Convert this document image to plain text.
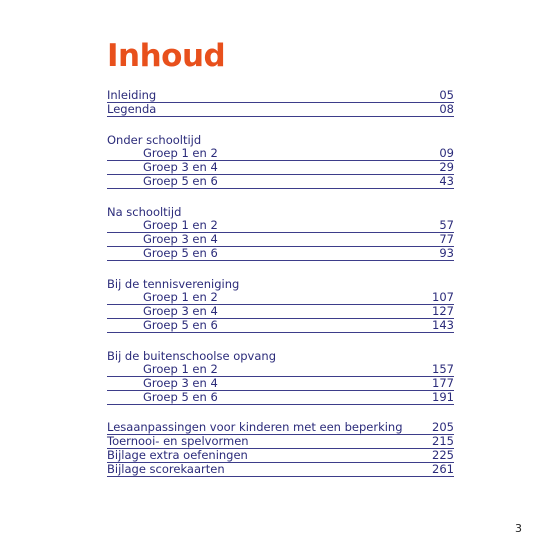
Inhoud
Inleiding	05
Legenda	08
Onder schooltijd
Groep 1 en 2	09
Groep 3 en 4	29
Groep 5 en 6	43
Na schooltijd
Groep 1 en 2	57
Groep 3 en 4	77
Groep 5 en 6	93
Bij de tennisvereniging
Groep 1 en 2	107
Groep 3 en 4	127
Groep 5 en 6	143
Bij de buitenschoolse opvang
Groep 1 en 2	157
Groep 3 en 4	177
Groep 5 en 6	191
Lesaanpassingen voor kinderen met een beperking	205
Toernooi- en spelvormen	215
Bijlage extra oefeningen	225
Bijlage scorekaarten	261
3
